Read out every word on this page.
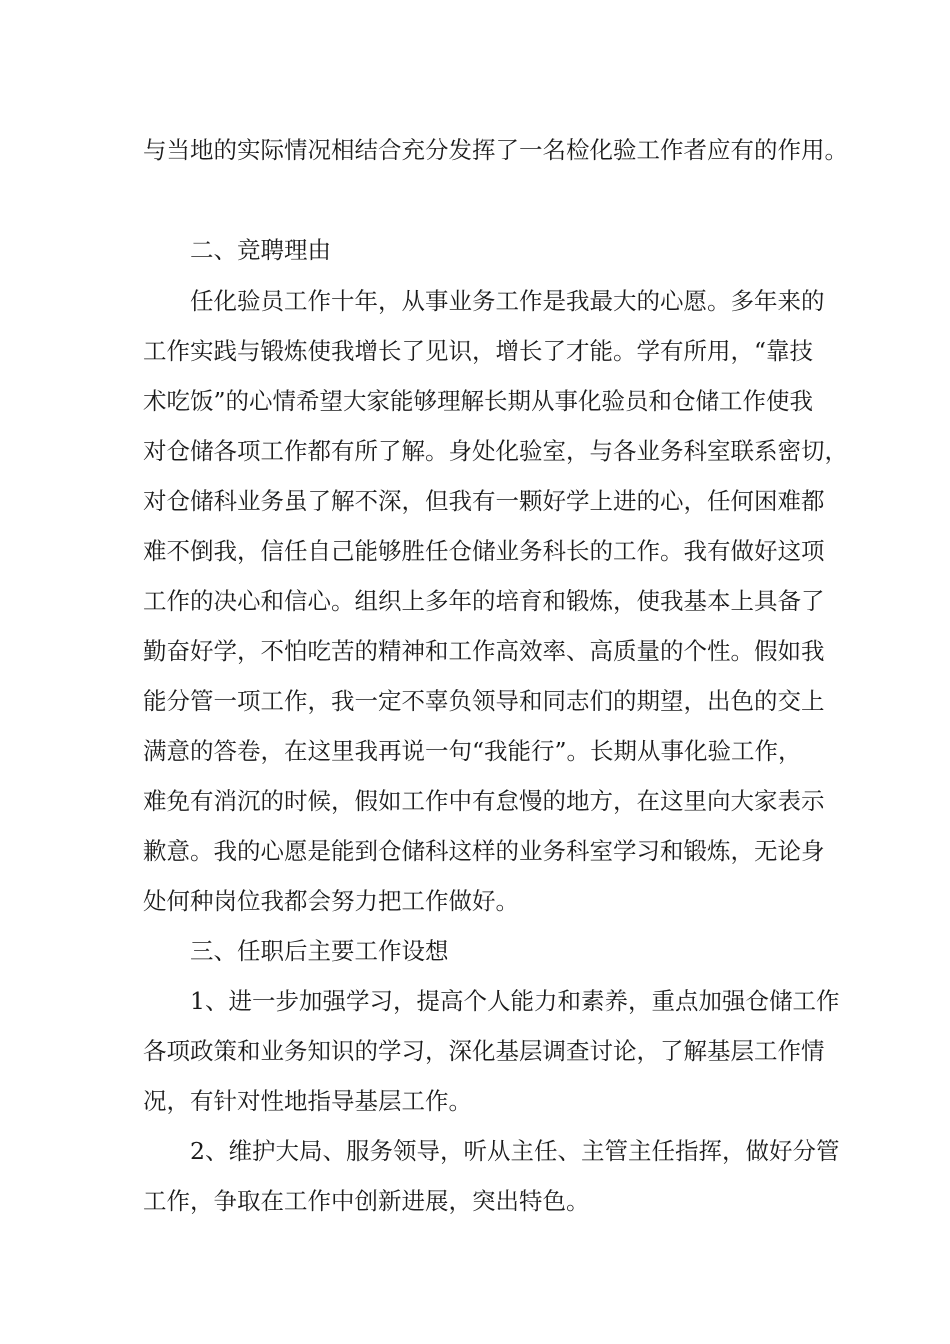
与当地的实际情况相结合充分发挥了一名检化验工作者应有的作用。

二、竞聘理由

任化验员工作十年，从事业务工作是我最大的心愿。多年来的

工作实践与锻炼使我增长了见识，增长了才能。学有所用，“靠技

术吃饭”的心情希望大家能够理解长期从事化验员和仓储工作使我

对仓储各项工作都有所了解。身处化验室，与各业务科室联系密切，

对仓储科业务虽了解不深，但我有一颗好学上进的心，任何困难都

难不倒我，信任自己能够胜任仓储业务科长的工作。我有做好这项

工作的决心和信心。组织上多年的培育和锻炼，使我基本上具备了

勤奋好学，不怕吃苦的精神和工作高效率、高质量的个性。假如我

能分管一项工作，我一定不辜负领导和同志们的期望，出色的交上

满意的答卷，在这里我再说一句“我能行”。长期从事化验工作，

难免有消沉的时候，假如工作中有怠慢的地方，在这里向大家表示

歉意。我的心愿是能到仓储科这样的业务科室学习和锻炼，无论身

处何种岗位我都会努力把工作做好。

三、任职后主要工作设想

1、进一步加强学习，提高个人能力和素养，重点加强仓储工作

各项政策和业务知识的学习，深化基层调查讨论，了解基层工作情

况，有针对性地指导基层工作。

2、维护大局、服务领导，听从主任、主管主任指挥，做好分管

工作，争取在工作中创新进展，突出特色。
